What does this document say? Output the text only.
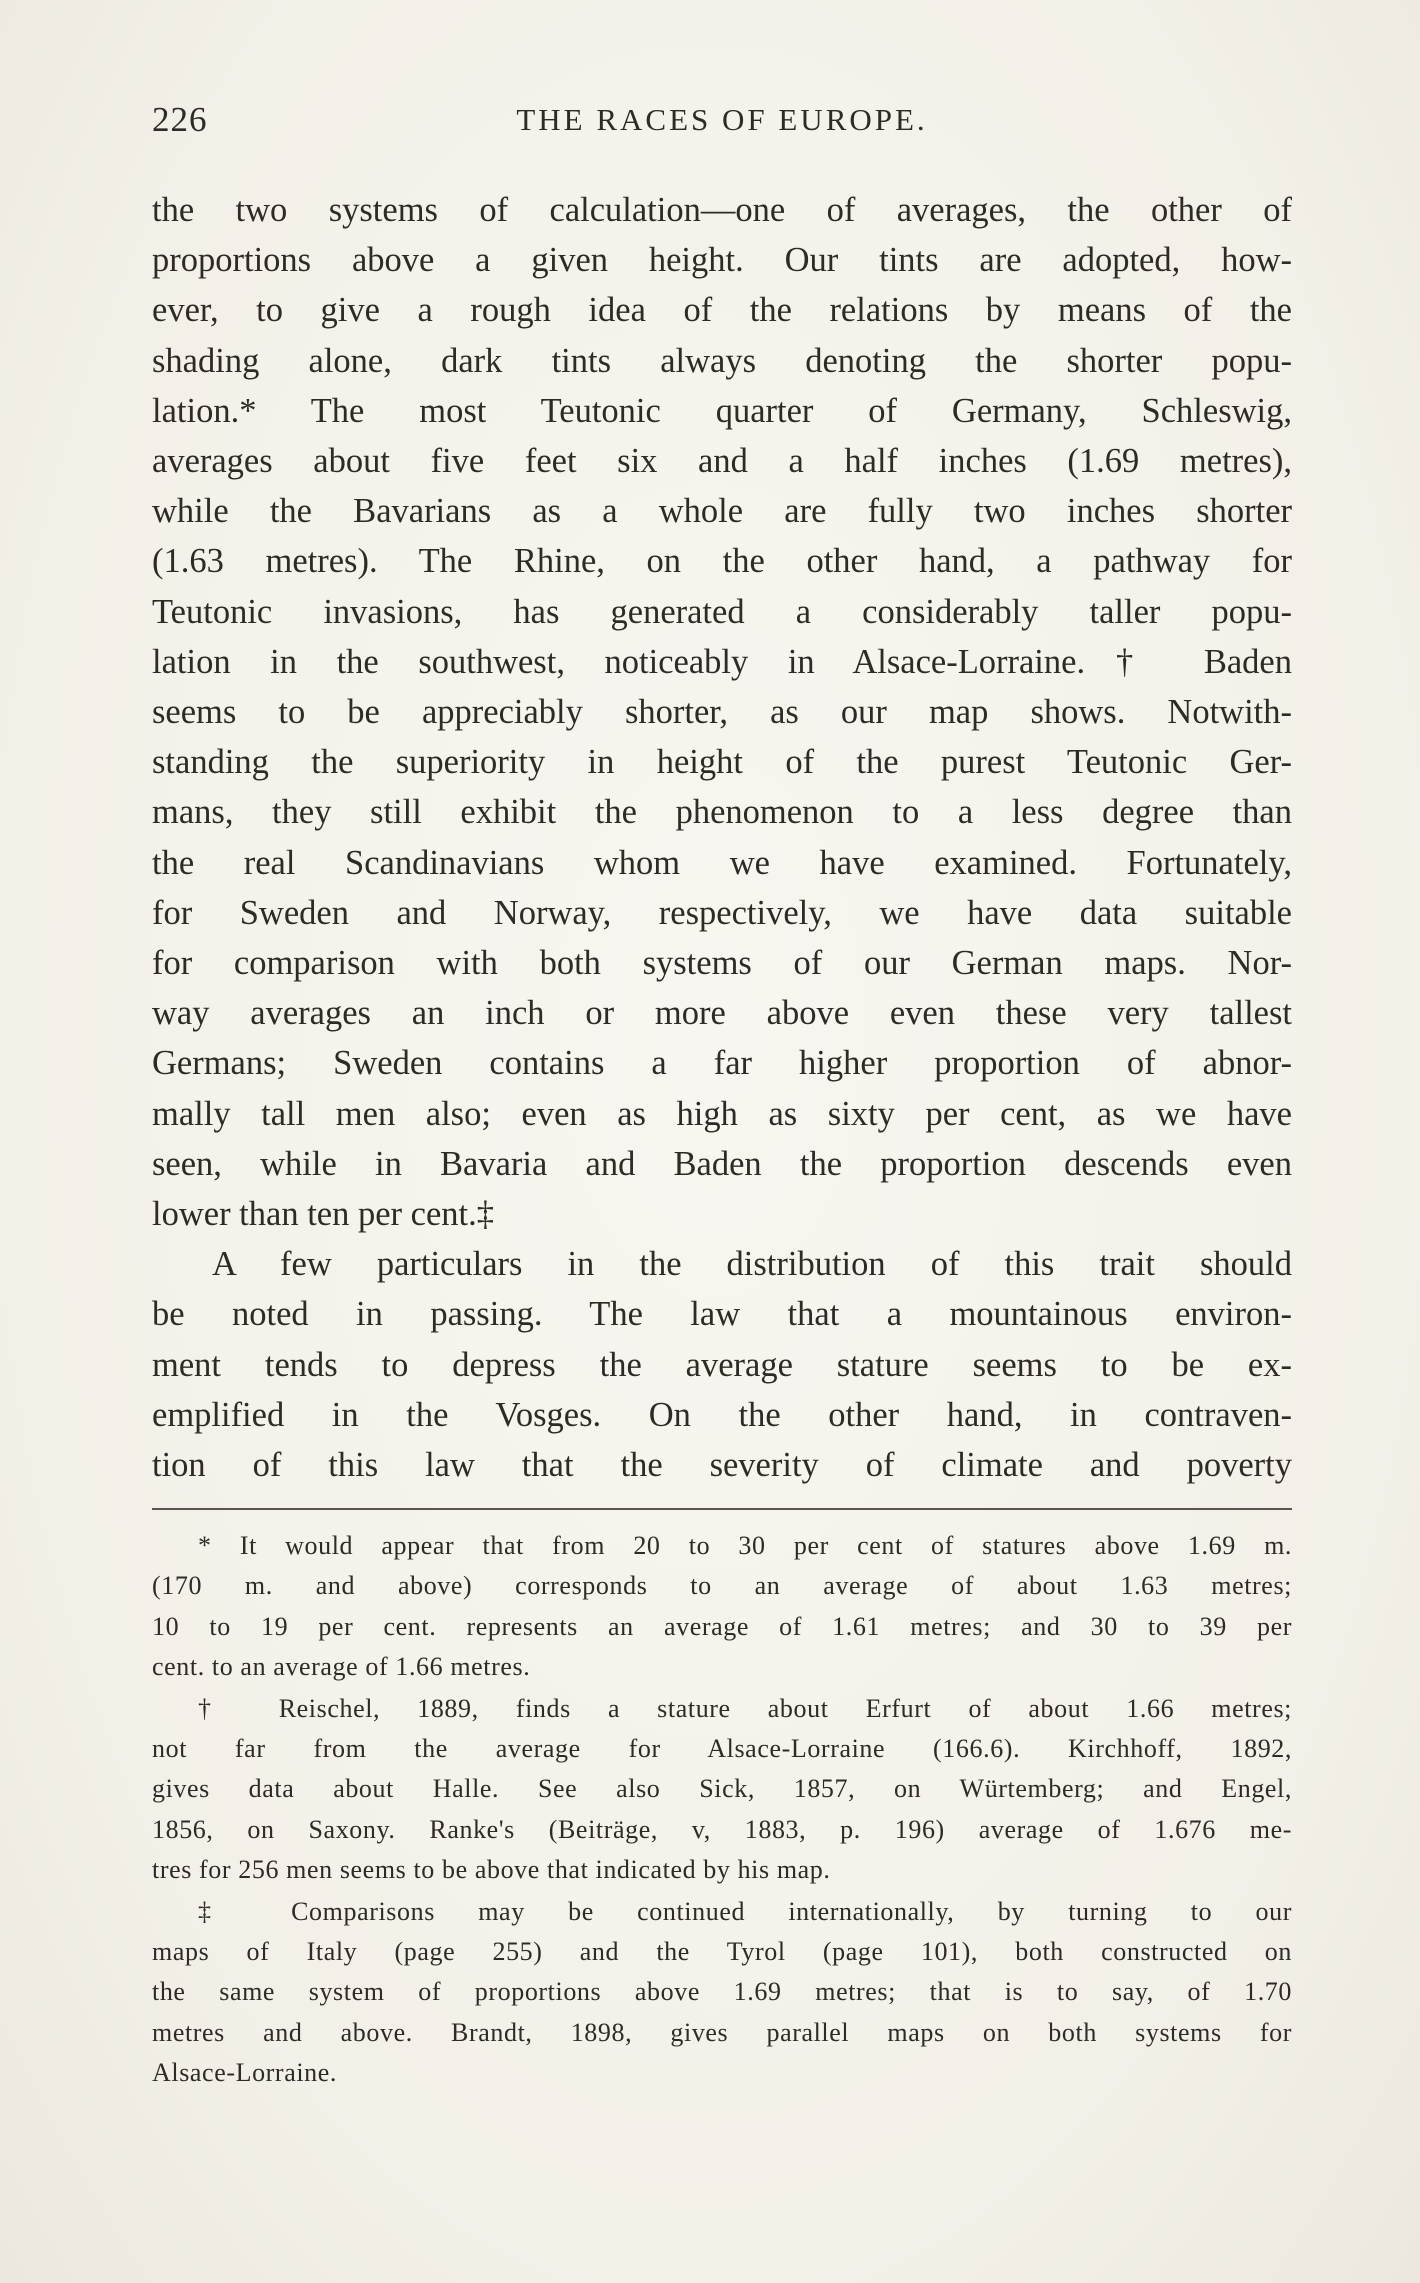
226	THE RACES OF EUROPE.

the two systems of calculation—one of averages, the other of
proportions above a given height. Our tints are adopted, how-
ever, to give a rough idea of the relations by means of the
shading alone, dark tints always denoting the shorter popu-
lation.* The most Teutonic quarter of Germany, Schleswig,
averages about five feet six and a half inches (1.69 metres),
while the Bavarians as a whole are fully two inches shorter
(1.63 metres). The Rhine, on the other hand, a pathway for
Teutonic invasions, has generated a considerably taller popu-
lation in the southwest, noticeably in Alsace-Lorraine.† Baden
seems to be appreciably shorter, as our map shows. Notwith-
standing the superiority in height of the purest Teutonic Ger-
mans, they still exhibit the phenomenon to a less degree than
the real Scandinavians whom we have examined. Fortunately,
for Sweden and Norway, respectively, we have data suitable
for comparison with both systems of our German maps. Nor-
way averages an inch or more above even these very tallest
Germans; Sweden contains a far higher proportion of abnor-
mally tall men also; even as high as sixty per cent, as we have
seen, while in Bavaria and Baden the proportion descends even
lower than ten per cent.‡

A few particulars in the distribution of this trait should
be noted in passing. The law that a mountainous environ-
ment tends to depress the average stature seems to be ex-
emplified in the Vosges. On the other hand, in contraven-
tion of this law that the severity of climate and poverty

* It would appear that from 20 to 30 per cent of statures above 1.69 m.
(170 m. and above) corresponds to an average of about 1.63 metres;
10 to 19 per cent. represents an average of 1.61 metres; and 30 to 39 per
cent. to an average of 1.66 metres.
† Reischel, 1889, finds a stature about Erfurt of about 1.66 metres;
not far from the average for Alsace-Lorraine (166.6). Kirchhoff, 1892,
gives data about Halle. See also Sick, 1857, on Würtemberg; and Engel,
1856, on Saxony. Ranke's (Beiträge, v, 1883, p. 196) average of 1.676 me-
tres for 256 men seems to be above that indicated by his map.
‡ Comparisons may be continued internationally, by turning to our
maps of Italy (page 255) and the Tyrol (page 101), both constructed on
the same system of proportions above 1.69 metres; that is to say, of 1.70
metres and above. Brandt, 1898, gives parallel maps on both systems for
Alsace-Lorraine.
